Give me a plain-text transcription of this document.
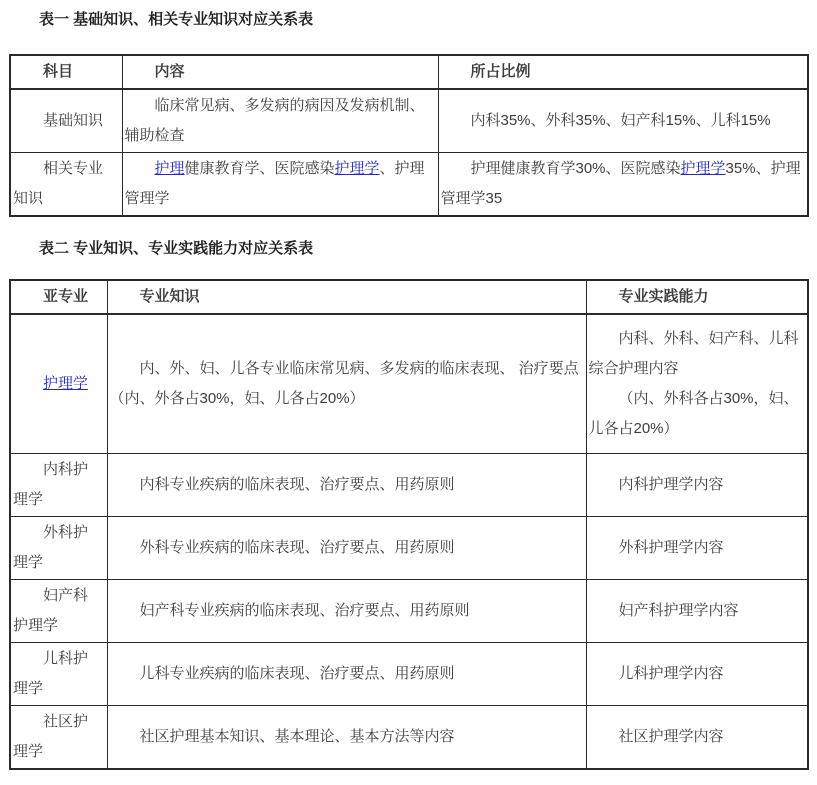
表一 基础知识、相关专业知识对应关系表

科目	内容	所占比例

基础知识	临床常见病、多发病的病因及发病机制、辅助检查	内科35%、外科35%、妇产科15%、儿科15%

相关专业知识	护理健康教育学、医院感染护理学、护理管理学	护理健康教育学30%、医院感染护理学35%、护理管理学35

表二 专业知识、专业实践能力对应关系表

亚专业	专业知识	专业实践能力

护理学	内、外、妇、儿各专业临床常见病、多发病的临床表现、 治疗要点（内、外各占30%，妇、儿各占20%）	内科、外科、妇产科、儿科综合护理内容

（内、外科各占30%，妇、儿各占20%）

内科护理学	内科专业疾病的临床表现、治疗要点、用药原则	内科护理学内容

外科护理学	外科专业疾病的临床表现、治疗要点、用药原则	外科护理学内容

妇产科护理学	妇产科专业疾病的临床表现、治疗要点、用药原则	妇产科护理学内容

儿科护理学	儿科专业疾病的临床表现、治疗要点、用药原则	儿科护理学内容

社区护理学	社区护理基本知识、基本理论、基本方法等内容	社区护理学内容
